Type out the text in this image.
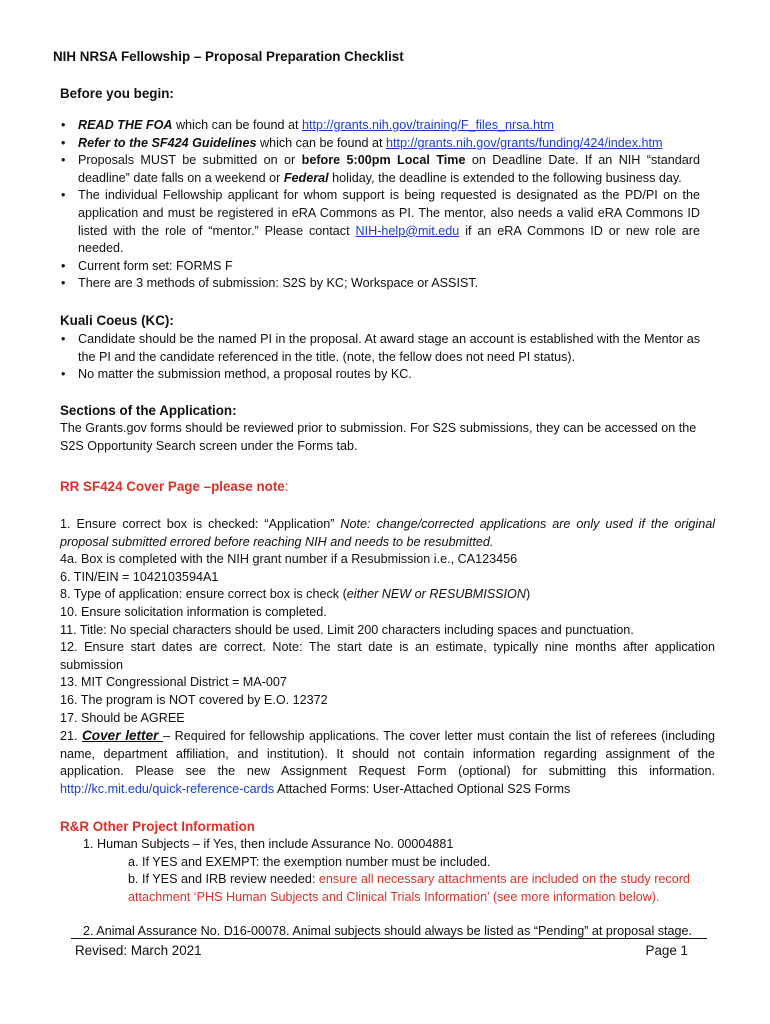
NIH NRSA Fellowship – Proposal Preparation Checklist
Before you begin:
• READ THE FOA which can be found at http://grants.nih.gov/training/F_files_nrsa.htm
• Refer to the SF424 Guidelines which can be found at http://grants.nih.gov/grants/funding/424/index.htm
• Proposals MUST be submitted on or before 5:00pm Local Time on Deadline Date. If an NIH “standard deadline” date falls on a weekend or Federal holiday, the deadline is extended to the following business day.
• The individual Fellowship applicant for whom support is being requested is designated as the PD/PI on the application and must be registered in eRA Commons as PI. The mentor, also needs a valid eRA Commons ID listed with the role of “mentor.” Please contact NIH-help@mit.edu if an eRA Commons ID or new role are needed.
• Current form set: FORMS F
• There are 3 methods of submission: S2S by KC; Workspace or ASSIST.
Kuali Coeus (KC):
• Candidate should be the named PI in the proposal. At award stage an account is established with the Mentor as the PI and the candidate referenced in the title. (note, the fellow does not need PI status).
• No matter the submission method, a proposal routes by KC.
Sections of the Application:
The Grants.gov forms should be reviewed prior to submission. For S2S submissions, they can be accessed on the S2S Opportunity Search screen under the Forms tab.
RR SF424 Cover Page –please note:
1. Ensure correct box is checked: “Application” Note: change/corrected applications are only used if the original proposal submitted errored before reaching NIH and needs to be resubmitted.
4a. Box is completed with the NIH grant number if a Resubmission i.e., CA123456
6. TIN/EIN = 1042103594A1
8. Type of application: ensure correct box is check (either NEW or RESUBMISSION)
10. Ensure solicitation information is completed.
11. Title: No special characters should be used. Limit 200 characters including spaces and punctuation.
12. Ensure start dates are correct. Note: The start date is an estimate, typically nine months after application submission
13. MIT Congressional District = MA-007
16. The program is NOT covered by E.O. 12372
17. Should be AGREE
21. Cover letter – Required for fellowship applications. The cover letter must contain the list of referees (including name, department affiliation, and institution). It should not contain information regarding assignment of the application. Please see the new Assignment Request Form (optional) for submitting this information. http://kc.mit.edu/quick-reference-cards Attached Forms: User-Attached Optional S2S Forms
R&R Other Project Information
1. Human Subjects – if Yes, then include Assurance No. 00004881
a. If YES and EXEMPT: the exemption number must be included.
b. If YES and IRB review needed: ensure all necessary attachments are included on the study record attachment ‘PHS Human Subjects and Clinical Trials Information’ (see more information below).
2. Animal Assurance No. D16-00078. Animal subjects should always be listed as “Pending” at proposal stage.
Revised: March 2021	Page 1
